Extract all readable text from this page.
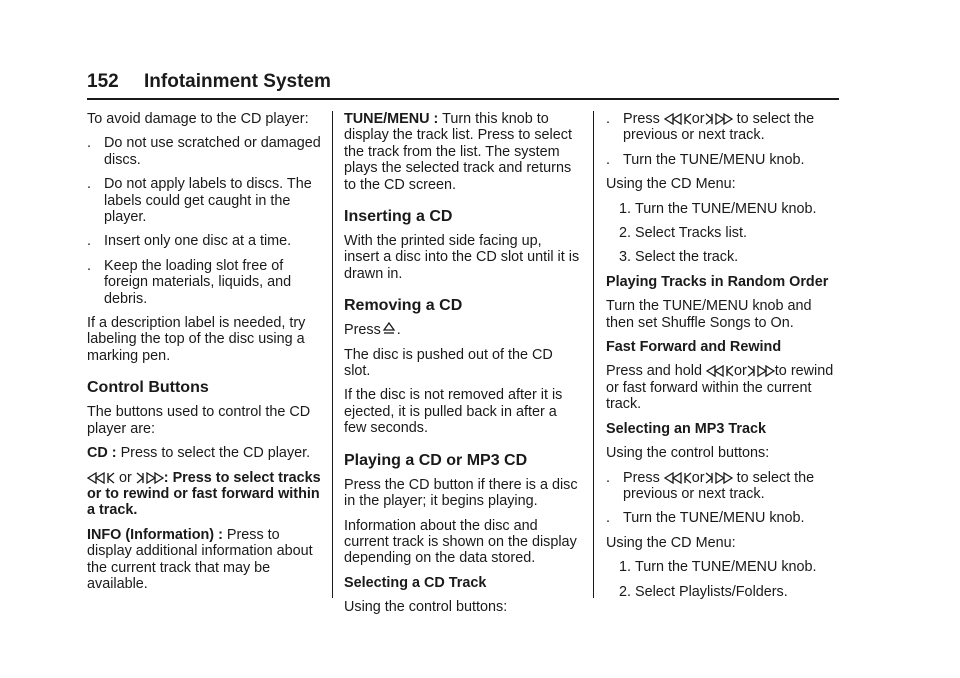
152 Infotainment System

To avoid damage to the CD player:

. Do not use scratched or damaged discs.
. Do not apply labels to discs. The labels could get caught in the player.
. Insert only one disc at a time.
. Keep the loading slot free of foreign materials, liquids, and debris.

If a description label is needed, try labeling the top of the disc using a marking pen.

Control Buttons

The buttons used to control the CD player are:

CD : Press to select the CD player.

or
: Press to select tracks or to rewind or fast forward within a track.

INFO (Information) : Press to display additional information about the current track that may be available.

TUNE/MENU : Turn this knob to display the track list. Press to select the track from the list. The system plays the selected track and returns to the CD screen.

Inserting a CD

With the printed side facing up, insert a disc into the CD slot until it is drawn in.

Removing a CD

Press .

The disc is pushed out of the CD slot.

If the disc is not removed after it is ejected, it is pulled back in after a few seconds.

Playing a CD or MP3 CD

Press the CD button if there is a disc in the player; it begins playing.

Information about the disc and current track is shown on the display depending on the data stored.

Selecting a CD Track

Using the control buttons:

. Press or to select the previous or next track.
. Turn the TUNE/MENU knob.

Using the CD Menu:

1. Turn the TUNE/MENU knob.
2. Select Tracks list.
3. Select the track.

Playing Tracks in Random Order

Turn the TUNE/MENU knob and then set Shuffle Songs to On.

Fast Forward and Rewind

Press and hold or to rewind or fast forward within the current track.

Selecting an MP3 Track

Using the control buttons:

. Press or to select the previous or next track.
. Turn the TUNE/MENU knob.

Using the CD Menu:

1. Turn the TUNE/MENU knob.
2. Select Playlists/Folders.
